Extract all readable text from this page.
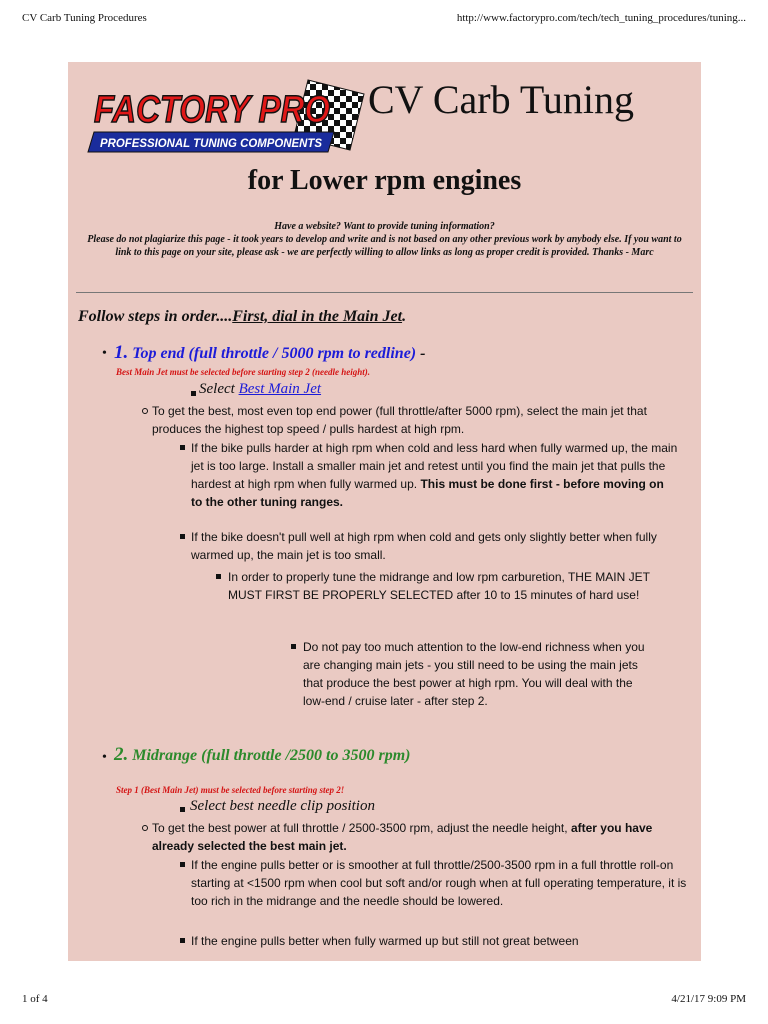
CV Carb Tuning Procedures	http://www.factorypro.com/tech/tech_tuning_procedures/tuning...
FACTORY PRO
PROFESSIONAL TUNING COMPONENTS
CV Carb Tuning
for Lower rpm engines
Have a website? Want to provide tuning information?
Please do not plagiarize this page - it took years to develop and write and is not based on any other previous work by anybody else. If you want to link to this page on your site, please ask - we are perfectly willing to allow links as long as proper credit is provided. Thanks - Marc
Follow steps in order....First, dial in the Main Jet.
• 1. Top end (full throttle / 5000 rpm to redline) -
Best Main Jet must be selected before starting step 2 (needle height).
Select Best Main Jet
To get the best, most even top end power (full throttle/after 5000 rpm), select the main jet that produces the highest top speed / pulls hardest at high rpm.
If the bike pulls harder at high rpm when cold and less hard when fully warmed up, the main jet is too large. Install a smaller main jet and retest until you find the main jet that pulls the hardest at high rpm when fully warmed up. This must be done first - before moving on to the other tuning ranges.
If the bike doesn't pull well at high rpm when cold and gets only slightly better when fully warmed up, the main jet is too small.
In order to properly tune the midrange and low rpm carburetion, THE MAIN JET MUST FIRST BE PROPERLY SELECTED after 10 to 15 minutes of hard use!
Do not pay too much attention to the low-end richness when you are changing main jets - you still need to be using the main jets that produce the best power at high rpm. You will deal with the low-end / cruise later - after step 2.
• 2. Midrange (full throttle /2500 to 3500 rpm)
Step 1 (Best Main Jet) must be selected before starting step 2!
Select best needle clip position
To get the best power at full throttle / 2500-3500 rpm, adjust the needle height, after you have already selected the best main jet.
If the engine pulls better or is smoother at full throttle/2500-3500 rpm in a full throttle roll-on starting at <1500 rpm when cool but soft and/or rough when at full operating temperature, it is too rich in the midrange and the needle should be lowered.
If the engine pulls better when fully warmed up but still not great between
1 of 4	4/21/17 9:09 PM
